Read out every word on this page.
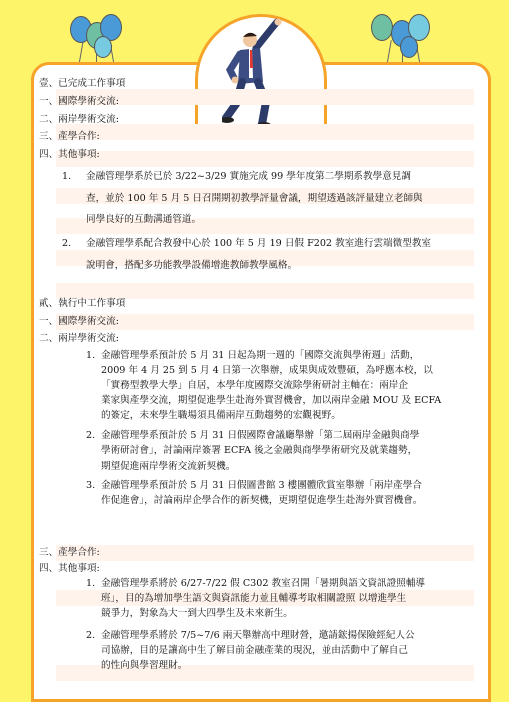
壹、已完成工作事項
一、國際學術交流:
二、兩岸學術交流:
三、產學合作:
四、其他事項:
1. 金融管理學系於已於 3/22~3/29 實施完成 99 學年度第二學期系教學意見調
查，並於 100 年 5 月 5 日召開期初教學評量會議，期望透過該評量建立老師與
同學良好的互動溝通管道。
2. 金融管理學系配合教發中心於 100 年 5 月 19 日假 F202 教室進行雲端微型教室
說明會，搭配多功能教學設備增進教師教學風格。
貳、執行中工作事項
一、國際學術交流:
二、兩岸學術交流:
1. 金融管理學系預計於 5 月 31 日起為期一週的「國際交流與學術週」活動，
2009 年 4 月 25 到 5 月 4 日第一次舉辦，成果與成效豐碩，為呼應本校，以
「實務型教學大學」自居，本學年度國際交流除學術研討主軸在：兩岸企
業家與產學交流，期望促進學生赴海外實習機會，加以兩岸金融 MOU 及 ECFA
的簽定，未來學生職場須具備兩岸互動趨勢的宏觀視野。
2. 金融管理學系預計於 5 月 31 日假國際會議廳舉辦「第二屆兩岸金融與商學
學術研討會」，討論兩岸簽署 ECFA 後之金融與商學學術研究及就業趨勢，
期望促進兩岸學術交流新契機。
3. 金融管理學系預計於 5 月 31 日假圖書館 3 樓團體欣賞室舉辦「兩岸產學合
作促進會」，討論兩岸企學合作的新契機，更期望促進學生赴海外實習機會。
三、產學合作:
四、其他事項:
1. 金融管理學系將於 6/27-7/22 假 C302 教室召開「暑期與語文資訊證照輔導
班」，目的為增加學生語文與資訊能力並且輔導考取相關證照 以增進學生
競爭力，對象為大一到大四學生及未來新生。
2. 金融管理學系將於 7/5~7/6 兩天舉辦高中理財營，邀請鋐揚保險經紀人公
司協辦，目的是讓高中生了解目前金融產業的現況，並由活動中了解自己
的性向與學習理財。
